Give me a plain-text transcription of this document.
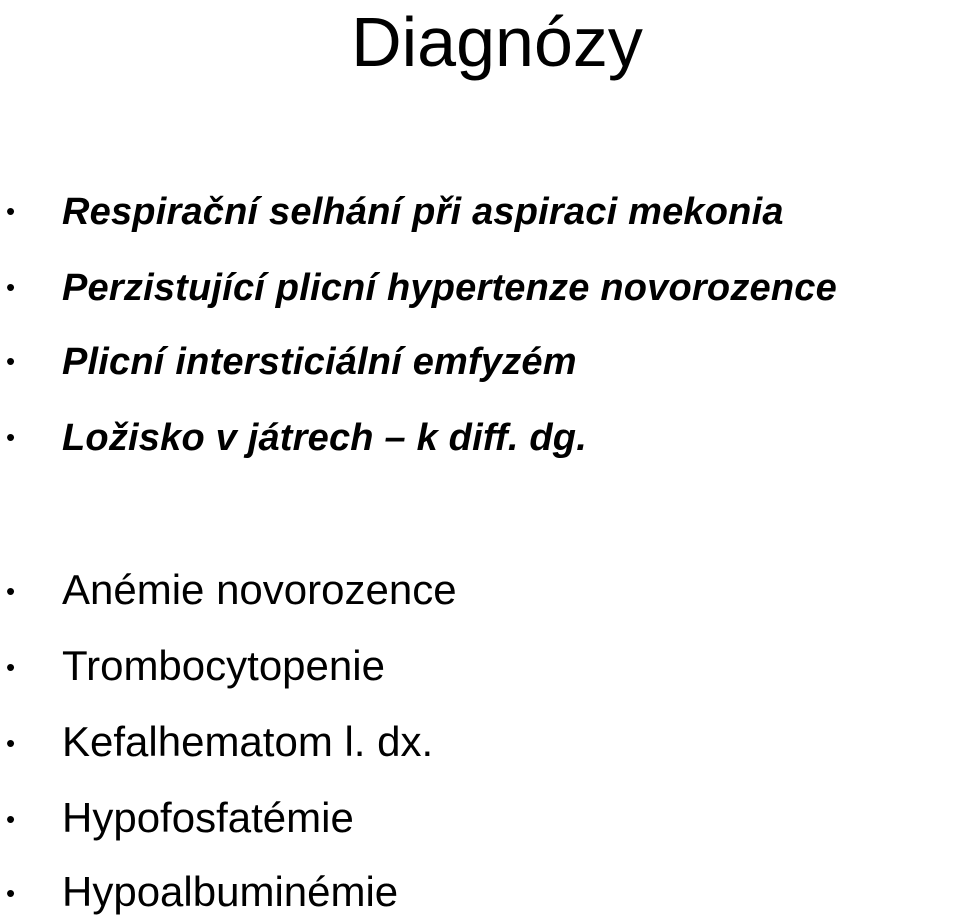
Diagnózy
• Respirační selhání při aspiraci mekonia
• Perzistující plicní hypertenze novorozence
• Plicní intersticiální emfyzém
• Ložisko v játrech – k diff. dg.
• Anémie novorozence
• Trombocytopenie
• Kefalhematom l. dx.
• Hypofosfatémie
• Hypoalbuminémie
